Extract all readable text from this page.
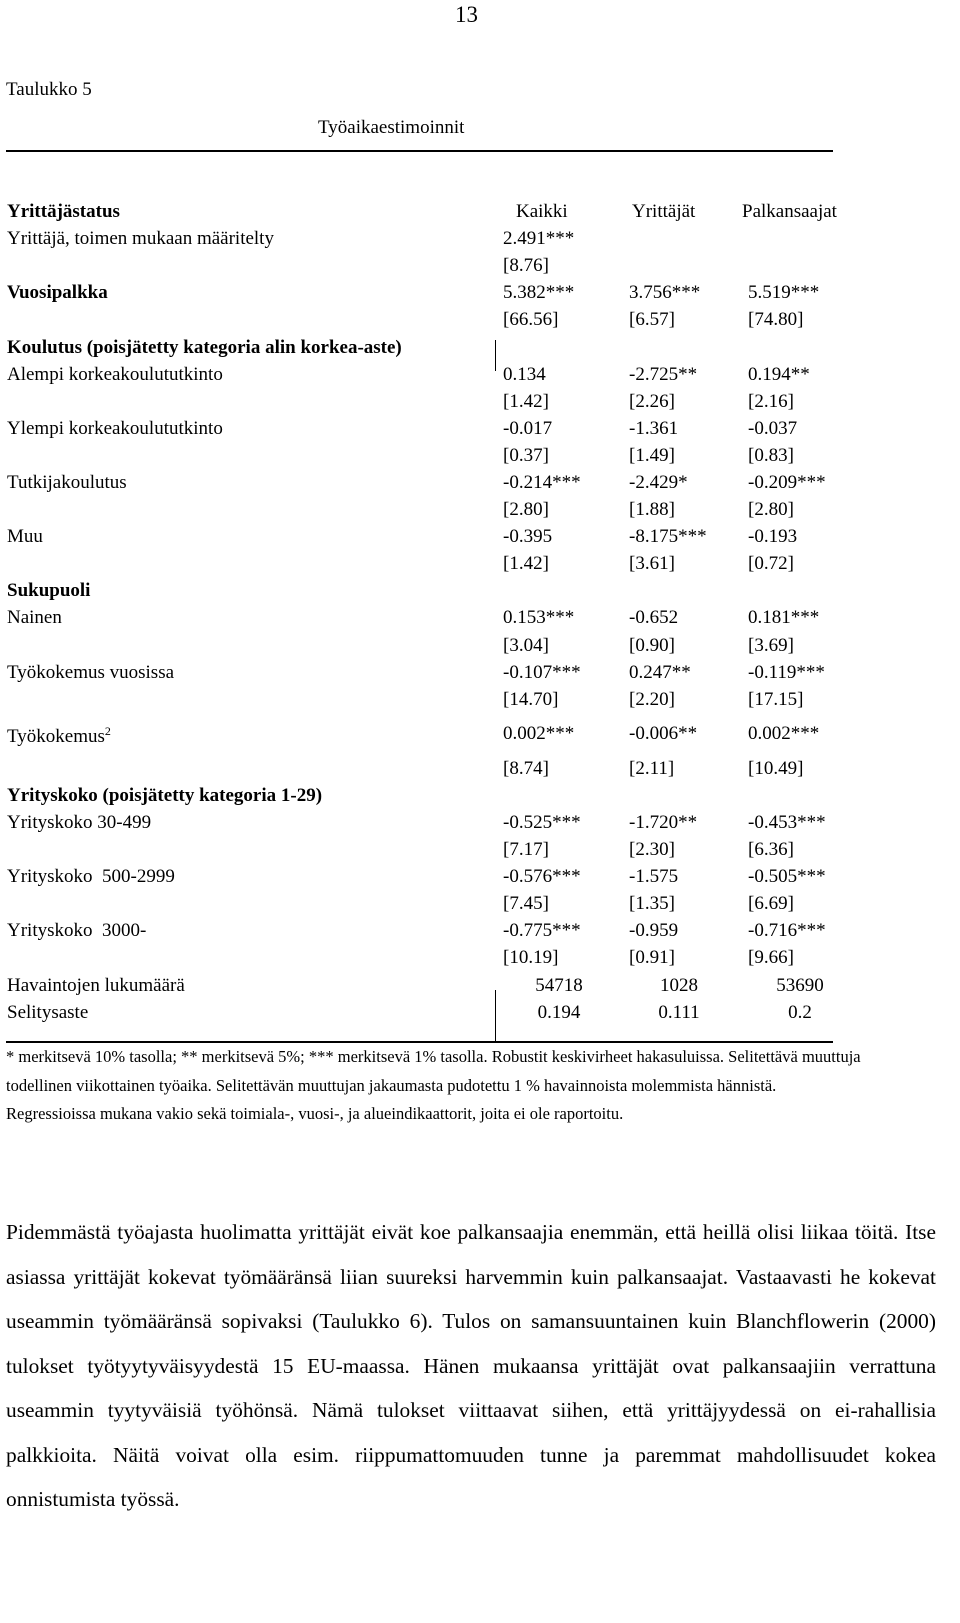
13
Taulukko 5
Työaikaestimoinnit
Yrittäjästatus	Kaikki	Yrittäjät	Palkansaajat
Yrittäjä, toimen mukaan määritelty	2.491***		
	[8.76]		
Vuosipalkka	5.382***	3.756***	5.519***
	[66.56]	[6.57]	[74.80]
Koulutus (poisjätetty kategoria alin korkea-aste)			
Alempi korkeakoulututkinto	0.134	-2.725**	0.194**
	[1.42]	[2.26]	[2.16]
Ylempi korkeakoulututkinto	-0.017	-1.361	-0.037
	[0.37]	[1.49]	[0.83]
Tutkijakoulutus	-0.214***	-2.429*	-0.209***
	[2.80]	[1.88]	[2.80]
Muu	-0.395	-8.175***	-0.193
	[1.42]	[3.61]	[0.72]
Sukupuoli			
Nainen	0.153***	-0.652	0.181***
	[3.04]	[0.90]	[3.69]
Työkokemus vuosissa	-0.107***	0.247**	-0.119***
	[14.70]	[2.20]	[17.15]
Työkokemus$^2$	0.002***	-0.006**	0.002***
	[8.74]	[2.11]	[10.49]
Yrityskoko (poisjätetty kategoria 1-29)			
Yrityskoko 30-499	-0.525***	-1.720**	-0.453***
	[7.17]	[2.30]	[6.36]
Yrityskoko  500-2999	-0.576***	-1.575	-0.505***
	[7.45]	[1.35]	[6.69]
Yrityskoko  3000-	-0.775***	-0.959	-0.716***
	[10.19]	[0.91]	[9.66]
Havaintojen lukumäärä	54718	1028	53690
Selitysaste	0.194	0.111	0.2
* merkitsevä 10% tasolla; ** merkitsevä 5%; *** merkitsevä 1% tasolla. Robustit keskivirheet hakasuluissa. Selitettävä muuttuja todellinen viikottainen työaika. Selitettävän muuttujan jakaumasta pudotettu 1 % havainnoista molemmista hännistä. Regressioissa mukana vakio sekä toimiala-, vuosi-, ja alueindikaattorit, joita ei ole raportoitu.
Pidemmästä työajasta huolimatta yrittäjät eivät koe palkansaajia enemmän, että heillä olisi liikaa töitä. Itse asiassa yrittäjät kokevat työmääränsä liian suureksi harvemmin kuin palkansaajat. Vastaavasti he kokevat useammin työmääränsä sopivaksi (Taulukko 6). Tulos on samansuuntainen kuin Blanchflowerin (2000) tulokset työtyytyväisyydestä 15 EU-maassa. Hänen mukaansa yrittäjät ovat palkansaajiin verrattuna useammin tyytyväisiä työhönsä. Nämä tulokset viittaavat siihen, että yrittäjyydessä on ei-rahallisia palkkioita. Näitä voivat olla esim. riippumattomuuden tunne ja paremmat mahdollisuudet kokea onnistumista työssä.
